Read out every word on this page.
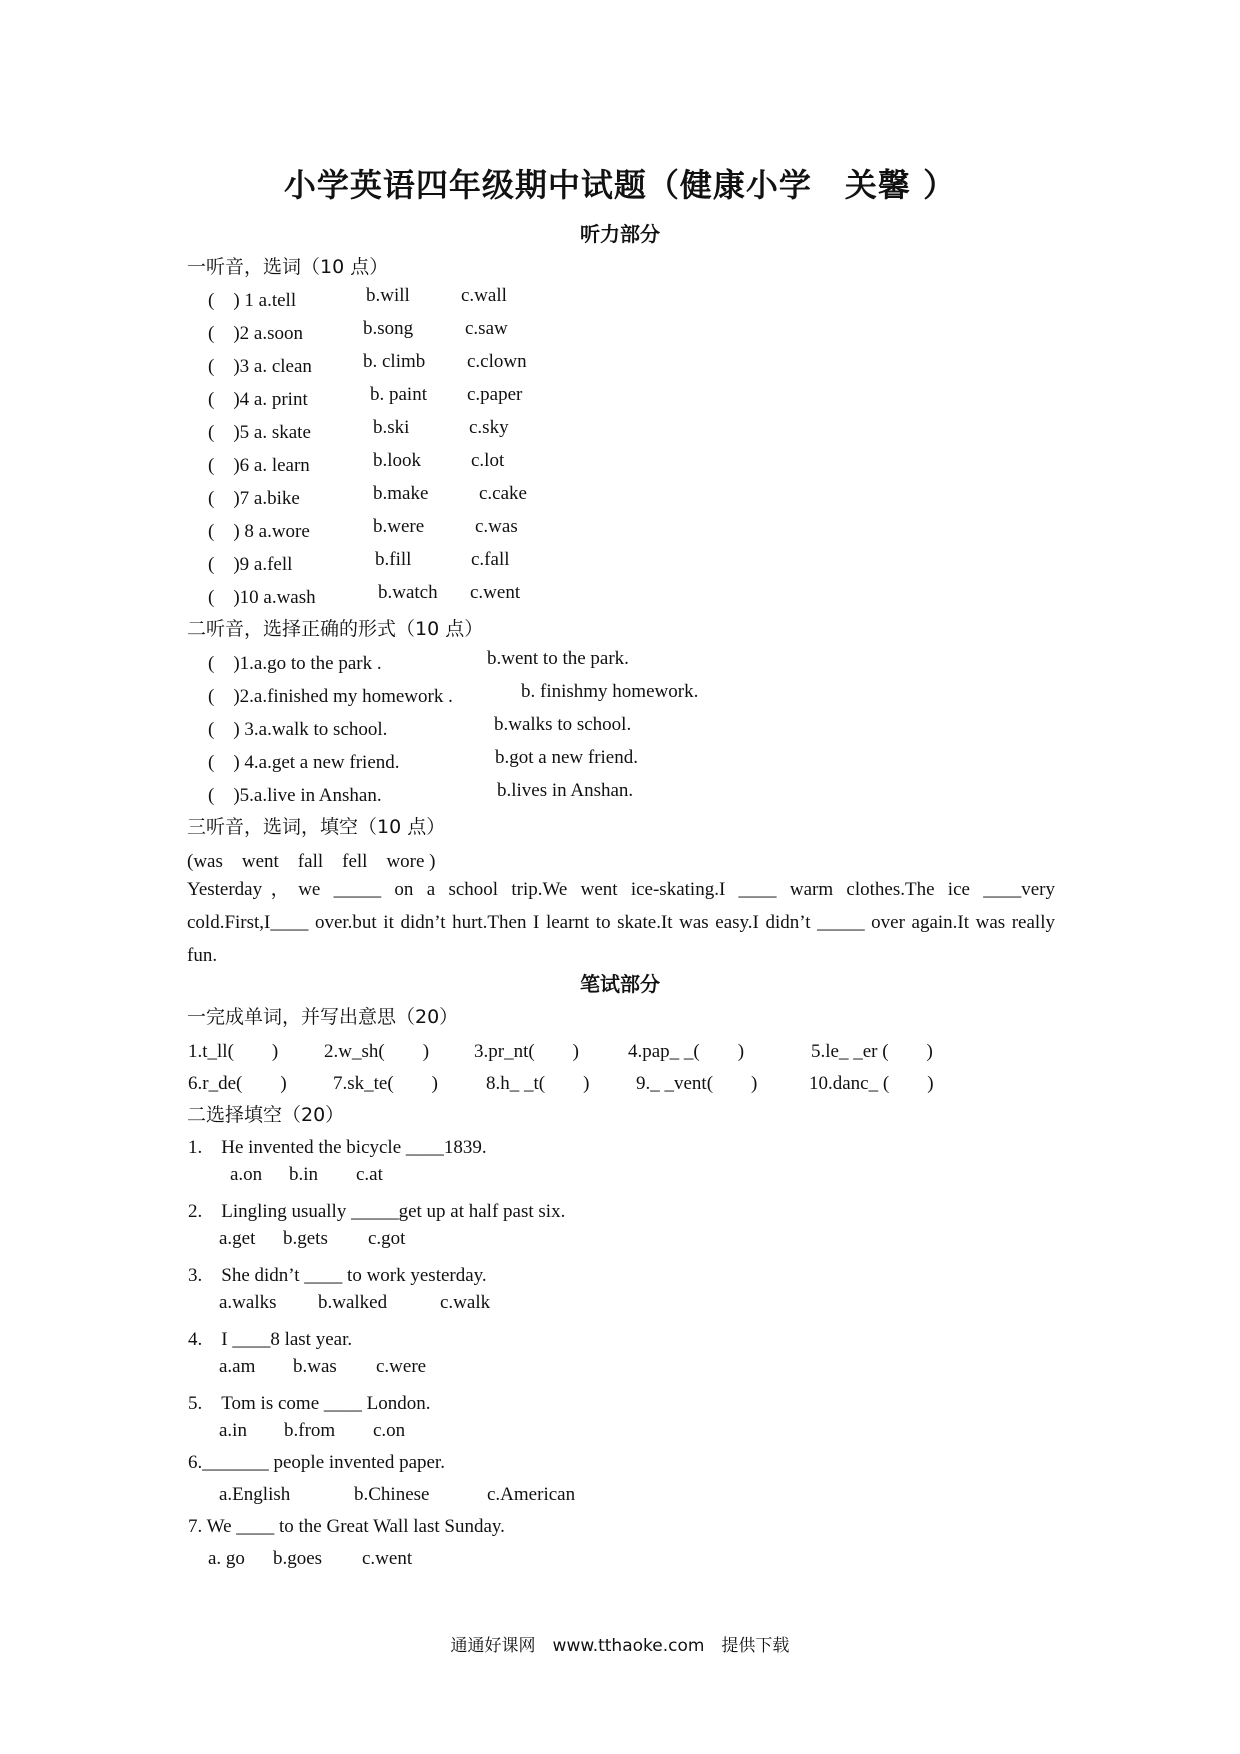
小学英语四年级期中试题（健康小学　关馨 ）
听力部分
一听音，选词（10 点）
(　) 1 a.tell	b.will	c.wall
(　)2 a.soon	b.song	c.saw
(　)3 a. clean	b. climb c.clown
(　)4 a. print	b. paint c.paper
(　)5 a. skate	b.ski	c.sky
(　)6 a. learn	b.look	c.lot
(　)7 a.bike	b.make	c.cake
(　) 8 a.wore	b.were	c.was
(　)9 a.fell	b.fill	c.fall
(　)10 a.wash	b.watch c.went
二听音，选择正确的形式（10 点）
(　)1.a.go to the park .	b.went to the park.
(　)2.a.finished my homework .	b. finishmy homework.
(　) 3.a.walk to school.	b.walks to school.
(　) 4.a.get a new friend.	b.got a new friend.
(　)5.a.live in Anshan.	b.lives in Anshan.
三听音，选词，填空（10 点）
(was　went　fall　fell　wore )
Yesterday，we _____ on a school trip.We went ice-skating.I ____ warm clothes.The ice ____very cold.First,I____ over.but it didn’t hurt.Then I learnt to skate.It was easy.I didn’t _____ over again.It was really fun.
笔试部分
一完成单词，并写出意思（20）
1.t_ll(　　) 2.w_sh(　　) 3.pr_nt(　　)	4.pap_ _(　　)	5.le_ _er (　　)
6.r_de(　　) 7.sk_te(　　)	8.h_ _t(　　) 9._ _vent(　　)	10.danc_ (　　)
二选择填空（20）
1.　He invented the bicycle ____1839.
a.on b.in c.at
2.　Lingling usually _____get up at half past six.
a.get b.gets c.got
3.　She didn’t ____ to work yesterday.
a.walks b.walked	c.walk
4.　I ____8 last year.
a.am b.was c.were
5.　Tom is come ____ London.
a.in b.from c.on
6._______ people invented paper.
a.English	b.Chinese	c.American
7. We ____ to the Great Wall last Sunday.
a. go b.goes c.went
通通好课网　www.tthaoke.com　提供下载
